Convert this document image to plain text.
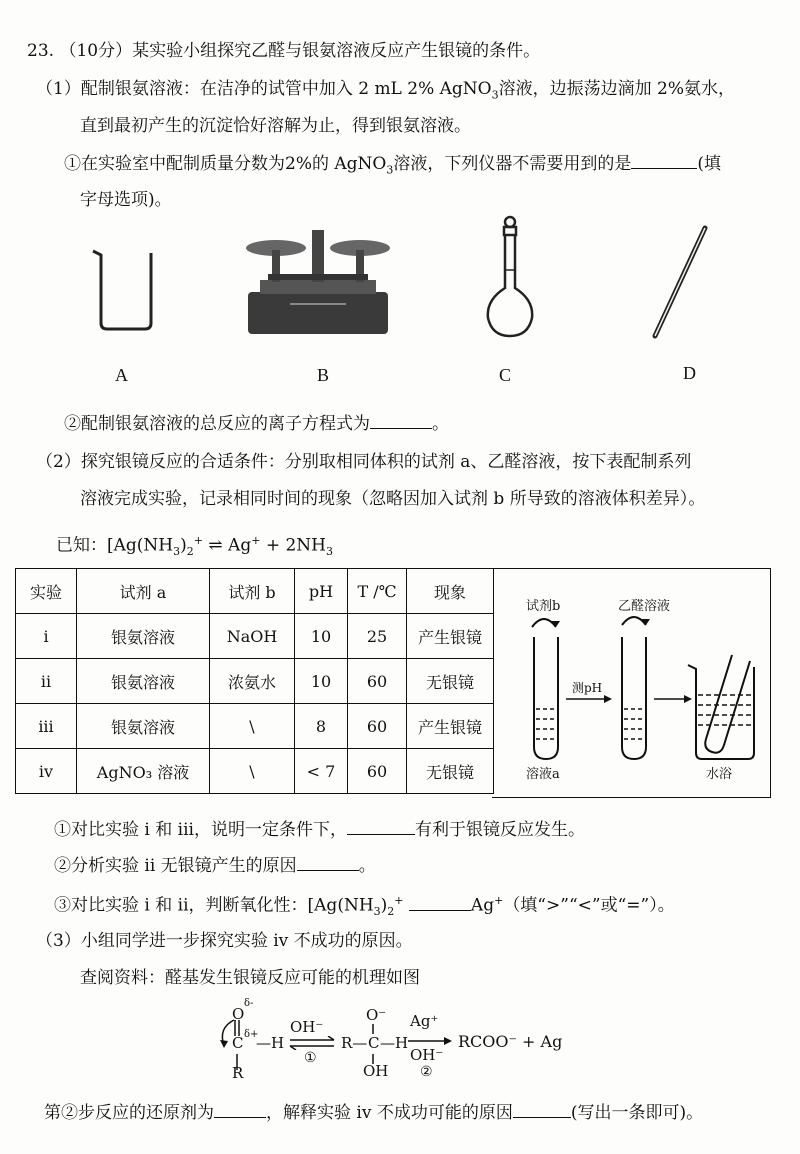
23. （10分）某实验小组探究乙醛与银氨溶液反应产生银镜的条件。
（1）配制银氨溶液：在洁净的试管中加入 2 mL 2% AgNO$_3$溶液，边振荡边滴加 2%氨水，
直到最初产生的沉淀恰好溶解为止，得到银氨溶液。
①在实验室中配制质量分数为2%的 AgNO$_3$溶液，下列仪器不需要用到的是	(填
字母选项)。
A	B	C	D
②配制银氨溶液的总反应的离子方程式为	。
（2）探究银镜反应的合适条件：分别取相同体积的试剂 a、乙醛溶液，按下表配制系列
溶液完成实验，记录相同时间的现象（忽略因加入试剂 b 所导致的溶液体积差异）。
已知：[$Ag(NH_3)_2^+$ ⇌ $Ag^+ + 2NH_3$
实验	试剂 a	试剂 b	pH	T /℃	现象
i	银氨溶液	NaOH	10	25	产生银镜
ii	银氨溶液	浓氨水	10	60	无银镜
iii	银氨溶液	\	8	60	产生银镜
iv	AgNO₃ 溶液	\	< 7	60	无银镜
试剂b	乙醛溶液
测pH
溶液a	水浴
①对比实验 i 和 iii，说明一定条件下，	有利于银镜反应发生。
②分析实验 ii 无银镜产生的原因	。
③对比实验 i 和 ii，判断氧化性：[$Ag(NH_3)_2^+$	Ag+（填“>”“<”或“=”）。
（3）小组同学进一步探究实验 iv 不成功的原因。
查阅资料：醛基发生银镜反应可能的机理如图
O
δ-
C δ+
—H
R
OH⁻
①
R— C —H
O⁻
OH
Ag⁺
OH⁻
②
RCOO⁻ + Ag
第②步反应的还原剂为	，解释实验 iv 不成功可能的原因	(写出一条即可)。
